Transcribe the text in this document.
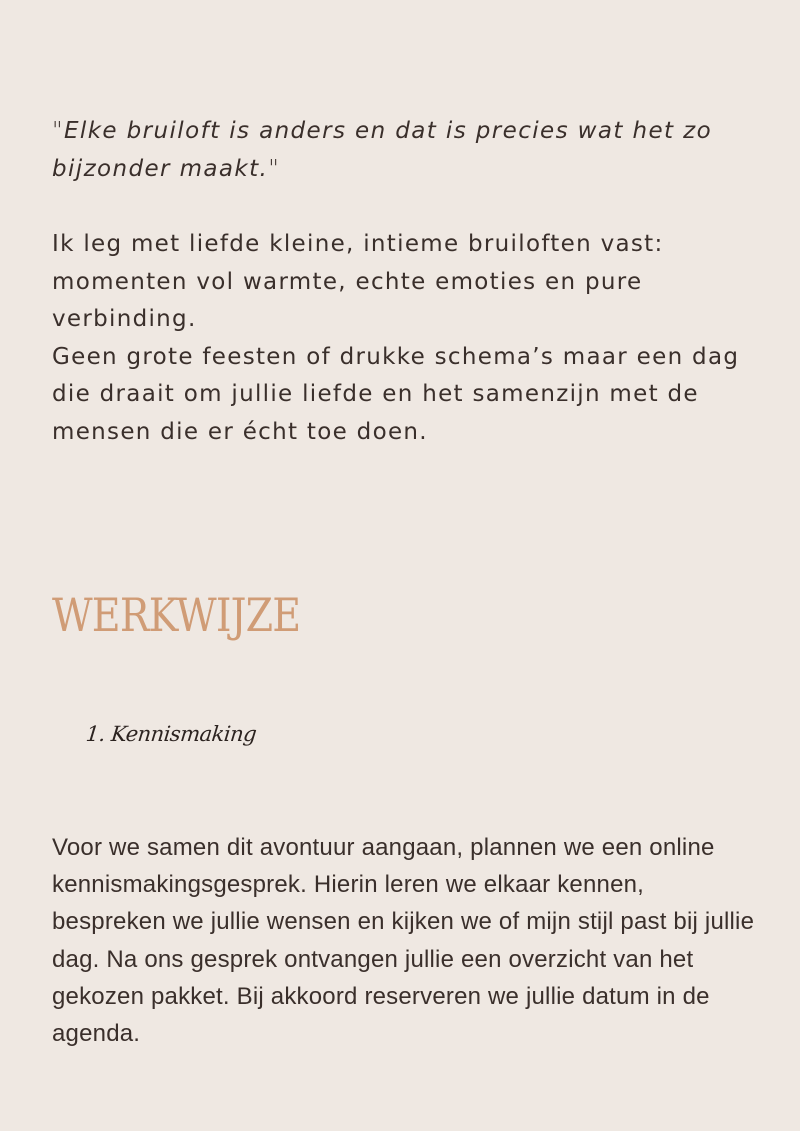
"Elke bruiloft is anders en dat is precies wat het zo bijzonder maakt."

Ik leg met liefde kleine, intieme bruiloften vast: momenten vol warmte, echte emoties en pure verbinding.

Geen grote feesten of drukke schema’s maar een dag die draait om jullie liefde en het samenzijn met de mensen die er écht toe doen.

WERKWIJZE
1. Kennismaking

Voor we samen dit avontuur aangaan, plannen we een online kennismakingsgesprek. Hierin leren we elkaar kennen, bespreken we jullie wensen en kijken we of mijn stijl past bij jullie dag. Na ons gesprek ontvangen jullie een overzicht van het gekozen pakket. Bij akkoord reserveren we jullie datum in de agenda.
